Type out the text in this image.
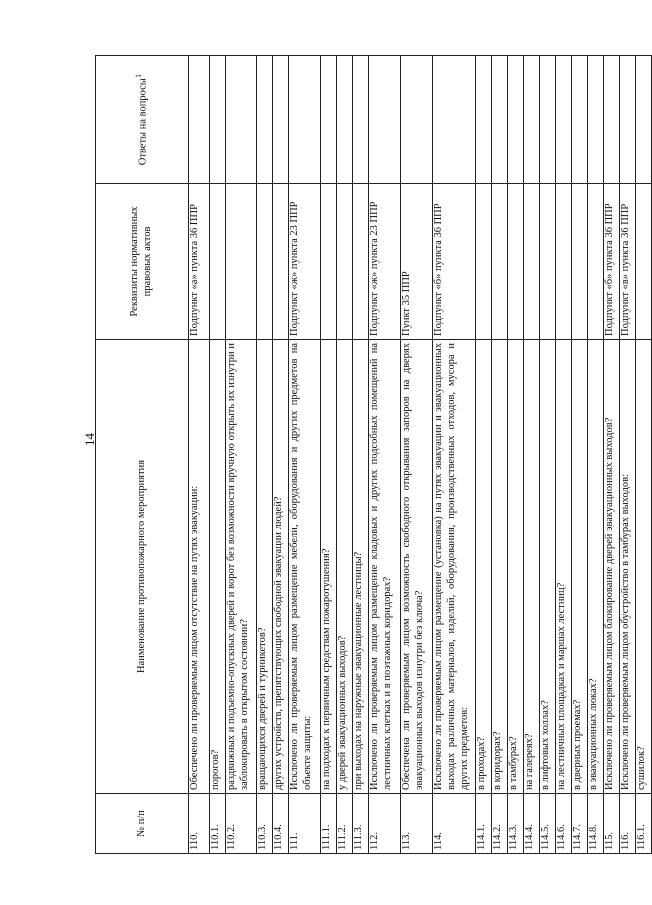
14
№ п/п	Наименование противопожарного мероприятия	Реквизиты нормативных правовых актов	Ответы на вопросы$^1$
110.	Обеспечено ли проверяемым лицом отсутствие на путях эвакуации:	Подпункт «а» пункта 36 ППР	
110.1.	порогов?		
110.2.	раздвижных и подъемно-опускных дверей и ворот без возможности вручную открыть их изнутри и заблокировать в открытом состоянии?		
110.3.	вращающихся дверей и турникетов?		
110.4.	других устройств, препятствующих свободной эвакуации людей?		
111.	Исключено ли проверяемым лицом размещение мебели, оборудования и других предметов на объекте защиты:	Подпункт «ж» пункта 23 ППР	
111.1.	на подходах к первичным средствам пожаротушения?		
111.2.	у дверей эвакуационных выходов?		
111.3.	при выходах на наружные эвакуационные лестницы?		
112.	Исключено ли проверяемым лицом размещение кладовых и других подсобных помещений на лестничных клетках и в поэтажных коридорах?	Подпункт «ж» пункта 23 ППР	
113.	Обеспечена ли проверяемым лицом возможность свободного открывания запоров на дверях эвакуационных выходов изнутри без ключа?	Пункт 35 ППР	
114.	Исключено ли проверяемым лицом размещение (установка) на путях эвакуации и эвакуационных выходах различных материалов, изделий, оборудования, производственных отходов, мусора и других предметов:	Подпункт «б» пункта 36 ППР	
114.1.	в проходах?		
114.2.	в коридорах?		
114.3.	в тамбурах?		
114.4.	на галереях?		
114.5.	в лифтовых холлах?		
114.6.	на лестничных площадках и маршах лестниц?		
114.7.	в дверных проемах?		
114.8.	в эвакуационных люках?		
115.	Исключено ли проверяемым лицом блокирование дверей эвакуационных выходов?	Подпункт «б» пункта 36 ППР	
116.	Исключено ли проверяемым лицом обустройство в тамбурах выходов:	Подпункт «в» пункта 36 ППР	
116.1.	сушилок?		
